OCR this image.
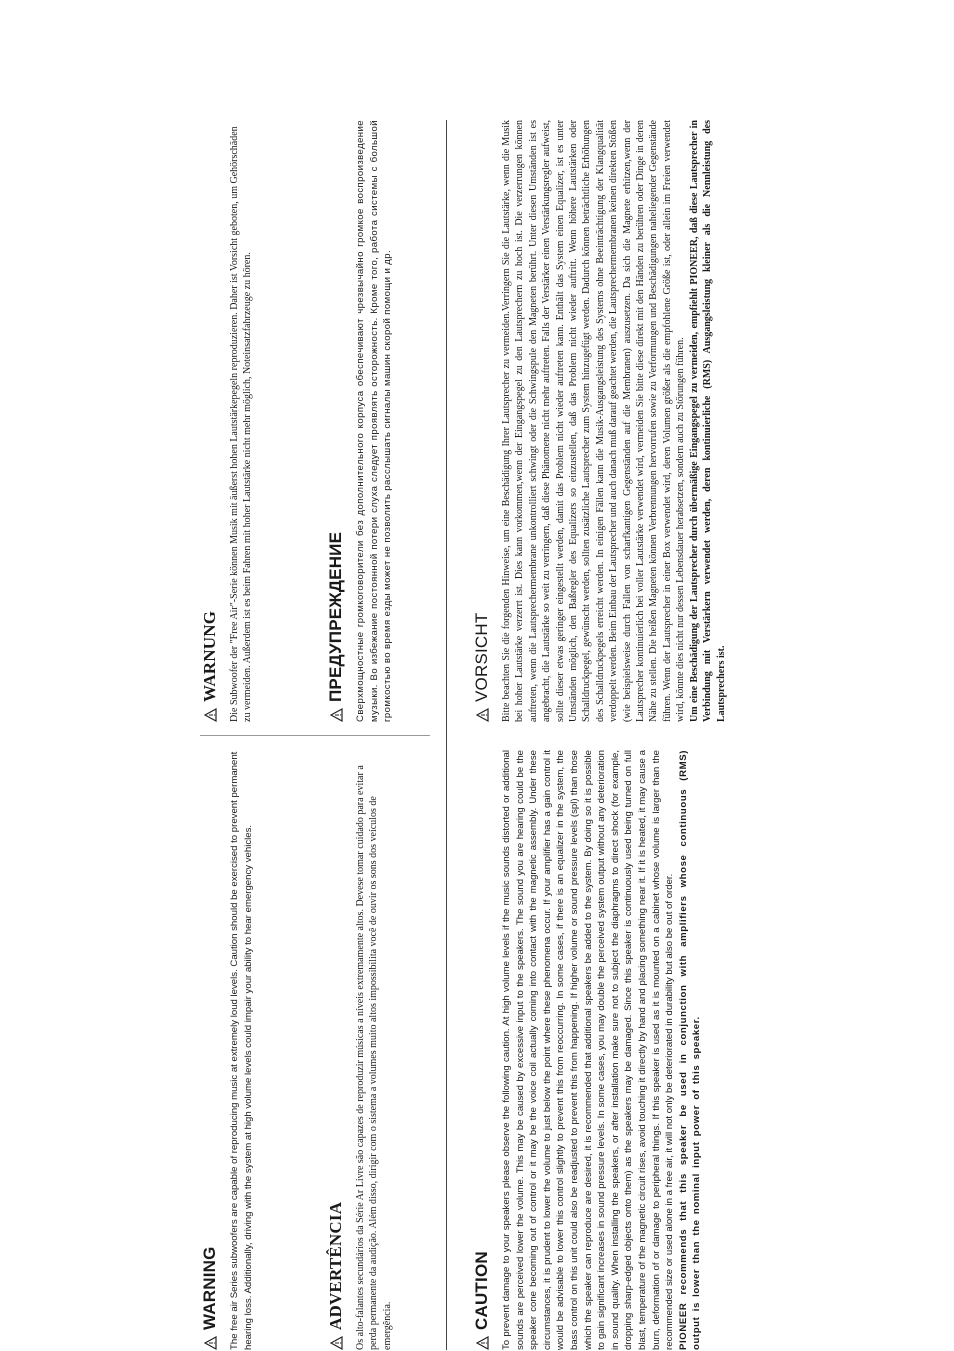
WARNING The free air Series subwoofers are capable of reproducing music at extremely loud levels. Caution should be exercised to prevent permanent hearing loss. Additionally, driving with the system at high volume levels could impair your ability to hear emergency vehicles.	ADVERTÊNCIA Os alto-falantes secundários da Série Ar Livre são capazes de reproduzir músicas a níveis extremamente altos. Devese tomar cuidado para evitar a perda permanente da audição. Além disso, dirigir com o sistema a volumes muito altos impossibilita você de ouvir os sons dos veículos de emergência.	CAUTION To prevent damage to your speakers please observe the following caution. At high volume levels if the music sounds distorted or additional sounds are perceived lower the volume. This may be caused by excessive input to the speakers. The sound you are hearing could be the speaker cone becoming out of control or it may be the voice coil actually coming into contact with the magnetic assembly. Under these circumstances, it is prudent to lower the volume to just below the point where these phenomena occur. If your amplifier has a gain control it would be advisable to lower this control slightly to prevent this from reoccurring. In some cases, if there is an equalizer in the system, the bass control on this unit could also be readjusted to prevent this from happening. If higher volume or sound pressure levels (spl) than those which the speaker can reproduce are desired, it is recommended that additional speakers be added to the system. By doing so it is possible to gain significant increases in sound pressure levels. In some cases, you may double the perceived system output without any deterioration in sound quality. When installing the speakers, or after installation make sure not to subject the diaphragms to direct shock (for example, dropping sharp-edged objects onto them) as the speakers may be damaged. Since this speaker is continuously used being turned on full blast, temperature of the magnetic circuit rises, avoid touching it directly by hand and placing something near it. If it is heated, it may cause a burn, deformation of or damage to peripheral things. If this speaker is used as it is mounted on a cabinet whose volume is larger than the recommended size or used alone in a free air, it will not only be deteriorated in durability but also be out of order. PIONEER recommends that this speaker be used in conjunction with amplifiers whose continuous (RMS) output is lower than the nominal input power of this speaker.

WARNUNG Die Subwoofer der "Free Air"-Serie können Musik mit äußerst hohen Lautstärkepegeln reproduzieren. Daher ist Vorsicht geboten, um Gehörschäden zu vermeiden. Außerdem ist es beim Fahren mit hoher Lautstärke nicht mehr möglich, Noteinsatzfahrzeuge zu hören.	ПРЕДУПРЕЖДЕНИЕ Сверхмощностные громкоговорители без дополнительного корпуса обеспечивают чрезвычайно громкое воспроизведение музыки. Во избежание постоянной потери слуха следует проявлять осторожность. Кроме того, работа системы с большой громкостью во время езды может не позволить расслышать сигналы машин скорой помощи и др.	VORSICHT Bitte beachten Sie die forgenden Hinweise, um eine Beschädigung Ihrer Lautsprecher zu vermeiden.Verringern Sie die Lautstärke, wenn die Musik bei hoher Lautstärke verzerrt ist. Dies kann vorkommen,wenn der Eingangspegel zu den Lautsprechern zu hoch ist. Die verzerrungen können auftreten, wenn die Lautsprechermembrane unkontrolliert schwingt oder die Schwingspule den Magneten berührt. Unter diesen Umständen ist es angebracht, die Lautstärke so weit zu verringern, daß diese Phänomene nicht mehr auftreten. Falls der Verstärker einen Verstärkungsregler aufweist, sollte dieser etwas geringer eingestellt werden, damit das Problem nicht wieder auftreten kann. Enthält das System einen Equalizer, ist es unter Umständen möglich, den Baßregler des Equalizers so einzustellen, daß das Problem nicht wieder auftritt. Wenn höhere Lautstärken oder Schalldruckpegel, gewünscht werden, sollten zusätzliche Lautsprecher zum System hinzugefügt werden. Dadurch können beträchtliche Erhöhungen des Schalldruckpegels erreicht werden. In einigen Fällen kann die Musik-Ausgangsleistung des Systems ohne Beeinträchtigung der Klangqualität verdoppelt werden. Beim Einbau der Lautsprecher und auch danach muß darauf geachtet werden, die Lautsprechermembranen keinen direkten Stößen (wie beispielsweise durch Fallen von scharfkantigen Gegenständen auf die Membranen) auszusetzen. Da sich die Magnete erhitzen,wenn der Lautsprecher kontinuierlich bei voller Lautstärke verwendet wird, vermeiden Sie bitte diese direkt mit den Händen zu berühren oder Dinge in deren Nähe zu stellen. Die heißen Magneten können Verbrennungen hervorrufen sowie zu Verformungen und Beschädigungen naheliegender Gegenstände führen. Wenn der Lautsprecher in einer Box verwendet wird, deren Volumen größer als die empfohlene Größe ist, oder allein im Freien verwendet wird, könnte dies nicht nur dessen Lebensdauer herabsetzen, sondern auch zu Störungen führen. Um eine Beschädigung der Lautsprecher durch übermäßige Eingangspegel zu vermeiden, empfiehlt PIONEER, daß diese Lautsprecher in Verbindung mit Verstärkern verwendet werden, deren kontinuierliche (RMS) Ausgangsleistung kleiner als die Nennleistung des Lautsprechers ist.
